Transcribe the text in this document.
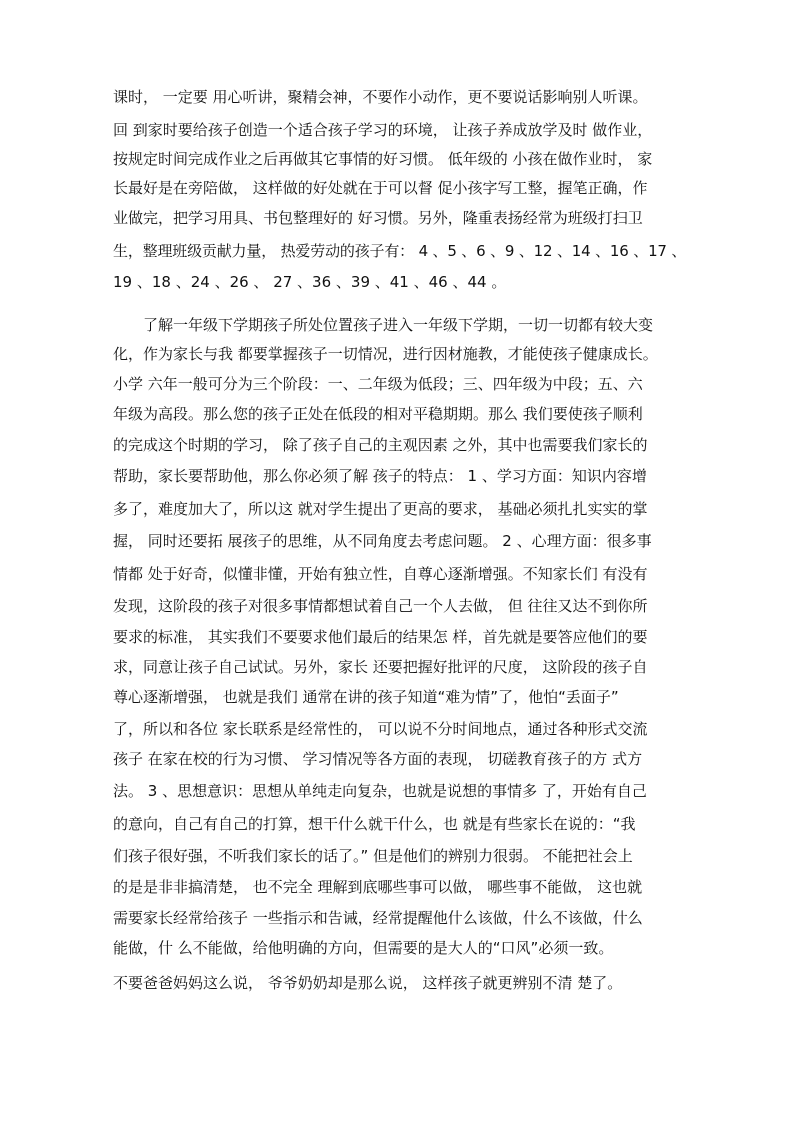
课时， 一定要 用心听讲，聚精会神，不要作小动作，更不要说话影响别人听课。
回 到家时要给孩子创造一个适合孩子学习的环境， 让孩子养成放学及时 做作业，
按规定时间完成作业之后再做其它事情的好习惯。 低年级的 小孩在做作业时， 家
长最好是在旁陪做， 这样做的好处就在于可以督 促小孩字写工整，握笔正确，作
业做完，把学习用具、书包整理好的 好习惯。另外，隆重表扬经常为班级打扫卫
生，整理班级贡献力量， 热爱劳动的孩子有： 4 、5 、6 、9 、12 、14 、16 、17 、
19 、18 、24 、26 、 27 、36 、39 、41 、46 、44 。
了解一年级下学期孩子所处位置孩子进入一年级下学期，一切一切都有较大变
化，作为家长与我 都要掌握孩子一切情况，进行因材施教，才能使孩子健康成长。
小学 六年一般可分为三个阶段：一、二年级为低段；三、四年级为中段；五、六
年级为高段。那么您的孩子正处在低段的相对平稳期期。那么 我们要使孩子顺利
的完成这个时期的学习， 除了孩子自己的主观因素 之外，其中也需要我们家长的
帮助，家长要帮助他，那么你必须了解 孩子的特点： 1 、学习方面：知识内容增
多了，难度加大了，所以这 就对学生提出了更高的要求， 基础必须扎扎实实的掌
握， 同时还要拓 展孩子的思维，从不同角度去考虑问题。 2 、心理方面：很多事
情都 处于好奇，似懂非懂，开始有独立性，自尊心逐渐增强。不知家长们 有没有
发现，这阶段的孩子对很多事情都想试着自己一个人去做， 但 往往又达不到你所
要求的标准， 其实我们不要要求他们最后的结果怎 样，首先就是要答应他们的要
求，同意让孩子自己试试。另外，家长 还要把握好批评的尺度， 这阶段的孩子自
尊心逐渐增强， 也就是我们 通常在讲的孩子知道“难为情”了，他怕“丢面子”
了，所以和各位 家长联系是经常性的， 可以说不分时间地点，通过各种形式交流
孩子 在家在校的行为习惯、 学习情况等各方面的表现， 切磋教育孩子的方 式方
法。 3 、思想意识：思想从单纯走向复杂，也就是说想的事情多 了，开始有自己
的意向，自己有自己的打算，想干什么就干什么，也 就是有些家长在说的：“我
们孩子很好强，不听我们家长的话了。” 但是他们的辨别力很弱。 不能把社会上
的是是非非搞清楚， 也不完全 理解到底哪些事可以做， 哪些事不能做， 这也就
需要家长经常给孩子 一些指示和告诫，经常提醒他什么该做，什么不该做，什么
能做，什 么不能做，给他明确的方向，但需要的是大人的“口风”必须一致。
不要爸爸妈妈这么说， 爷爷奶奶却是那么说， 这样孩子就更辨别不清 楚了。
